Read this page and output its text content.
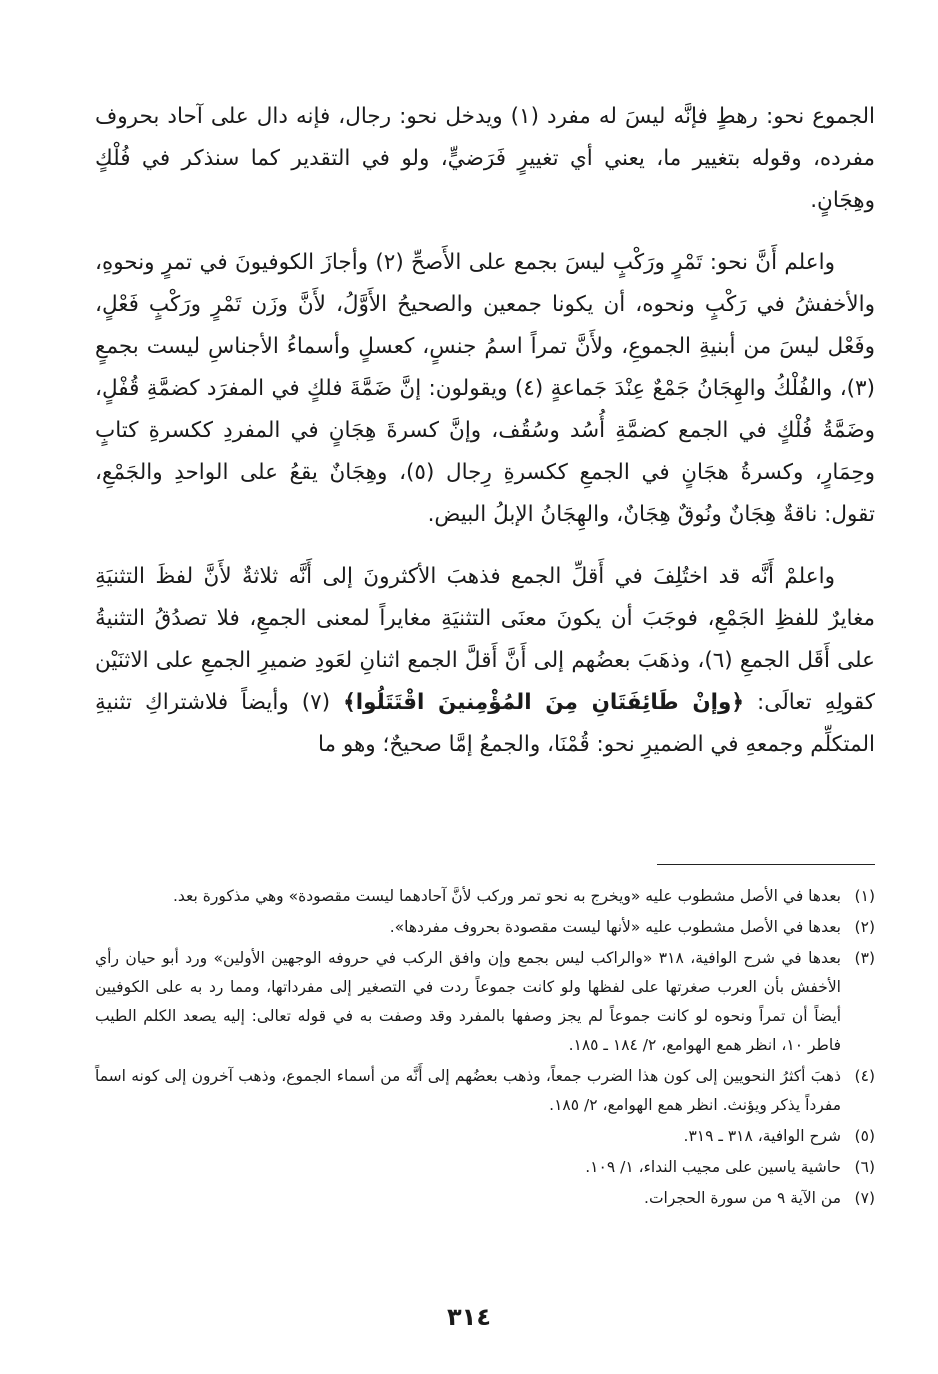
الجموع نحو: رهطٍ فإنَّه ليسَ له مفرد (١) ويدخل نحو: رجال، فإنه دال على آحاد بحروف مفرده، وقوله بتغيير ما، يعني أي تغييرٍ فَرَضيٍّ، ولو في التقدير كما سنذكر في فُلْكٍ وهِجَانٍ.

واعلم أَنَّ نحو: تَمْرٍ ورَكْبٍ ليسَ بجمع على الأَصحِّ (٢) وأجازَ الكوفيونَ في تمرٍ ونحوهِ، والأخفشُ في رَكْبٍ ونحوه، أن يكونا جمعين والصحيحُ الأَوَّلُ، لأَنَّ وزَن تَمْرٍ ورَكْبٍ فَعْلٍ، وفَعْل ليسَ من أبنيةِ الجموعِ، ولأَنَّ تمراً اسمُ جنسٍ، كعسلٍ وأسماءُ الأجناسِ ليست بجمعٍ (٣)، والفُلْكُ والهِجَانُ جَمْعٌ عِنْدَ جَماعةٍ (٤) ويقولون: إنَّ ضَمَّةَ فلكٍ في المفرَد كضمَّةِ قُفْلٍ، وضَمَّةُ فُلْكٍ في الجمع كضمَّةِ أُسُد وسُقُف، وإنَّ كسرةَ هِجَانٍ في المفردِ ككسرةِ كتابٍ وحِمَارٍ، وكسرةُ هجَانٍ في الجمعِ ككسرةِ رِجال (٥)، وهِجَانٌ يقعُ على الواحدِ والجَمْعِ، تقول: ناقةٌ هِجَانٌ ونُوقٌ هِجَانٌ، والهِجَانُ الإبلُ البيض.

واعلمْ أَنَّه قد اختُلِفَ في أَقلِّ الجمع فذهبَ الأكثرونَ إلى أَنَّه ثلاثةٌ لأَنَّ لفظَ التثنيَةِ مغايرٌ للفظِ الجَمْعِ، فوجَبَ أن يكونَ معنَى التثنيَةِ مغايراً لمعنى الجمعِ، فلا تصدُقُ التثنيةُ على أَقَل الجمعِ (٦)، وذهَبَ بعضُهم إلى أَنَّ أَقلَّ الجمع اثنانِ لعَودِ ضميرِ الجمعِ على الاثنَيْن كقولِهِ تعالَى: ﴿وإنْ طَائِفَتَانِ مِنَ المُؤْمِنينَ اقْتَتَلُوا﴾ (٧) وأيضاً فلاشتراكِ تثنيةِ المتكلِّم وجمعهِ في الضميرِ نحو: قُمْنَا، والجمعُ إمَّا صحيحٌ؛ وهو ما

(١)
بعدها في الأصل مشطوب عليه «ويخرج به نحو تمر وركب لأنَّ آحادهما ليست مقصودة» وهي مذكورة بعد.
(٢)
بعدها في الأصل مشطوب عليه «لأنها ليست مقصودة بحروف مفردها».
(٣)
بعدها في شرح الوافية، ٣١٨ «والراكب ليس بجمع وإن وافق الركب في حروفه الوجهين الأولين» ورد أبو حيان رأي الأخفش بأن العرب صغرتها على لفظها ولو كانت جموعاً ردت في التصغير إلى مفرداتها، ومما رد به على الكوفيين أيضاً أن تمراً ونحوه لو كانت جموعاً لم يجز وصفها بالمفرد وقد وصفت به في قوله تعالى: إليه يصعد الكلم الطيب فاطر ١٠، انظر همع الهوامع، ٢/ ١٨٤ ـ ١٨٥.
(٤)
ذهبَ أكثرُ النحويين إلى كون هذا الضرب جمعاً، وذهب بعضُهم إلى أَنَّه من أسماء الجموع، وذهب آخرون إلى كونه اسماً مفرداً يذكر ويؤنث. انظر همع الهوامع، ٢/ ١٨٥.
(٥)
شرح الوافية، ٣١٨ ـ ٣١٩.
(٦)
حاشية ياسين على مجيب النداء، ١/ ١٠٩.
(٧)
من الآية ٩ من سورة الحجرات.
٣١٤
